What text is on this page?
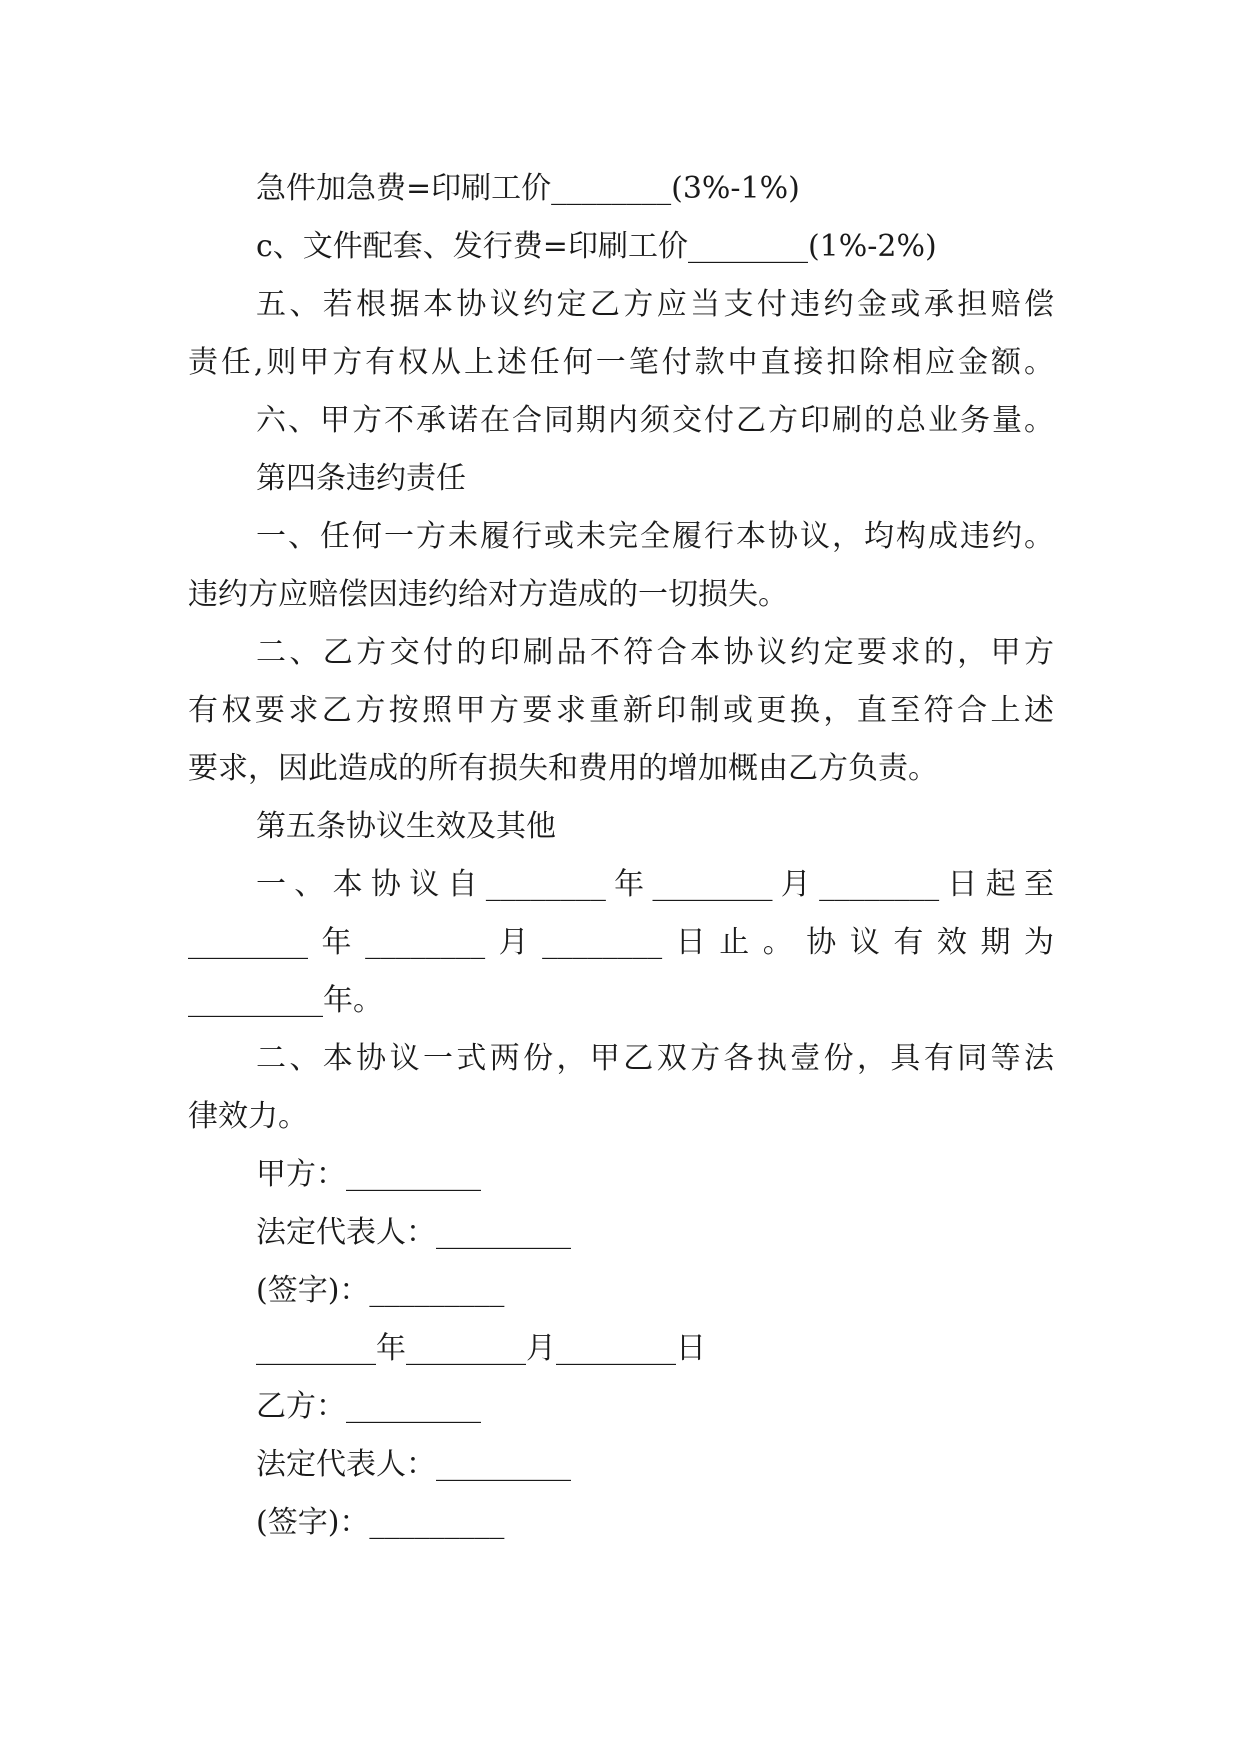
急件加急费=印刷工价________(3%-1%)
c、文件配套、发行费=印刷工价________(1%-2%)
五、若根据本协议约定乙方应当支付违约金或承担赔偿
责任,则甲方有权从上述任何一笔付款中直接扣除相应金额。
六、甲方不承诺在合同期内须交付乙方印刷的总业务量。
第四条违约责任
一、任何一方未履行或未完全履行本协议，均构成违约。
违约方应赔偿因违约给对方造成的一切损失。
二、乙方交付的印刷品不符合本协议约定要求的，甲方
有权要求乙方按照甲方要求重新印制或更换，直至符合上述
要求，因此造成的所有损失和费用的增加概由乙方负责。
第五条协议生效及其他
一、本协议自________年________月________日起至
________年________月________日止。协议有效期为
_________年。
二、本协议一式两份，甲乙双方各执壹份，具有同等法
律效力。
甲方：_________
法定代表人：_________
(签字)：_________
________年________月________日
乙方：_________
法定代表人：_________
(签字)：_________
